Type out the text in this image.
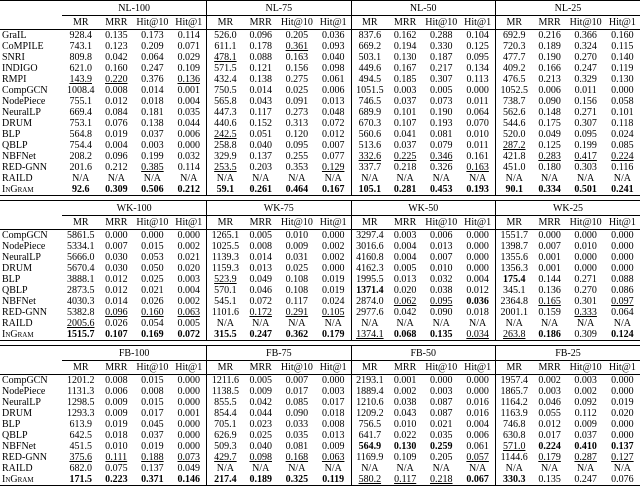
	NL-100				NL-75				NL-50				NL-25			
	MR	MRR	Hit@10	Hit@1	MR	MRR	Hit@10	Hit@1	MR	MRR	Hit@10	Hit@1	MR	MRR	Hit@10	Hit@1
GraIL	928.4	0.135	0.173	0.114	526.0	0.096	0.205	0.036	837.6	0.162	0.288	0.104	692.9	0.216	0.366	0.160
CoMPILE	743.1	0.123	0.209	0.071	611.1	0.178	0.361	0.093	669.2	0.194	0.330	0.125	720.3	0.189	0.324	0.115
SNRI	809.8	0.042	0.064	0.029	478.1	0.088	0.163	0.040	503.1	0.130	0.187	0.095	477.7	0.190	0.270	0.140
INDIGO	621.0	0.160	0.247	0.109	571.5	0.121	0.156	0.098	449.6	0.167	0.217	0.134	409.2	0.166	0.247	0.119
RMPI	143.9	0.220	0.376	0.136	432.4	0.138	0.275	0.061	494.5	0.185	0.307	0.113	476.5	0.213	0.329	0.130
CompGCN	1008.4	0.008	0.014	0.001	750.5	0.014	0.025	0.006	1051.5	0.003	0.005	0.000	1052.5	0.006	0.011	0.000
NodePiece	755.1	0.012	0.018	0.004	565.8	0.043	0.091	0.013	746.5	0.037	0.073	0.011	738.7	0.090	0.156	0.058
NeuralLP	669.4	0.084	0.181	0.035	447.3	0.117	0.273	0.048	689.9	0.101	0.190	0.064	562.6	0.148	0.271	0.101
DRUM	753.1	0.076	0.138	0.044	440.6	0.152	0.313	0.072	670.3	0.107	0.193	0.070	544.6	0.175	0.307	0.118
BLP	564.8	0.019	0.037	0.006	242.5	0.051	0.120	0.012	560.6	0.041	0.081	0.010	520.0	0.049	0.095	0.024
QBLP	754.4	0.004	0.003	0.000	258.8	0.040	0.095	0.007	513.6	0.037	0.079	0.011	287.2	0.125	0.199	0.085
NBFNet	208.2	0.096	0.199	0.032	329.9	0.137	0.255	0.077	332.6	0.225	0.346	0.161	421.8	0.283	0.417	0.224
RED-GNN	201.6	0.212	0.385	0.114	253.5	0.203	0.353	0.129	337.7	0.218	0.326	0.163	451.0	0.180	0.303	0.116
RAILD	N/A	N/A	N/A	N/A	N/A	N/A	N/A	N/A	N/A	N/A	N/A	N/A	N/A	N/A	N/A	N/A
InGram	92.6	0.309	0.506	0.212	59.1	0.261	0.464	0.167	105.1	0.281	0.453	0.193	90.1	0.334	0.501	0.241

	WK-100				WK-75				WK-50				WK-25			
	MR	MRR	Hit@10	Hit@1	MR	MRR	Hit@10	Hit@1	MR	MRR	Hit@10	Hit@1	MR	MRR	Hit@10	Hit@1
CompGCN	5861.5	0.000	0.000	0.000	1265.1	0.005	0.010	0.000	3297.4	0.003	0.006	0.000	1551.7	0.000	0.000	0.000
NodePiece	5334.1	0.007	0.015	0.002	1025.5	0.008	0.009	0.002	3016.6	0.004	0.013	0.000	1398.7	0.007	0.010	0.000
NeuralLP	5666.0	0.030	0.053	0.021	1139.3	0.014	0.031	0.002	4160.8	0.004	0.007	0.000	1355.6	0.001	0.000	0.000
DRUM	5670.4	0.030	0.050	0.020	1159.3	0.013	0.025	0.000	4162.3	0.005	0.010	0.000	1356.3	0.001	0.000	0.000
BLP	3888.1	0.012	0.025	0.003	523.9	0.049	0.108	0.019	1995.5	0.013	0.032	0.004	175.4	0.144	0.271	0.088
QBLP	2873.5	0.012	0.021	0.004	570.1	0.046	0.108	0.019	1371.4	0.020	0.038	0.012	345.1	0.136	0.270	0.086
NBFNet	4030.3	0.014	0.026	0.002	545.1	0.072	0.117	0.024	2874.0	0.062	0.095	0.036	2364.8	0.165	0.301	0.097
RED-GNN	5382.8	0.096	0.160	0.063	1101.6	0.172	0.291	0.105	2977.6	0.042	0.090	0.018	2001.1	0.159	0.333	0.064
RAILD	2005.6	0.026	0.054	0.005	N/A	N/A	N/A	N/A	N/A	N/A	N/A	N/A	N/A	N/A	N/A	N/A
InGram	1515.7	0.107	0.169	0.072	315.5	0.247	0.362	0.179	1374.1	0.068	0.135	0.034	263.8	0.186	0.309	0.124

	FB-100				FB-75				FB-50				FB-25			
	MR	MRR	Hit@10	Hit@1	MR	MRR	Hit@10	Hit@1	MR	MRR	Hit@10	Hit@1	MR	MRR	Hit@10	Hit@1
CompGCN	1201.2	0.008	0.015	0.000	1211.6	0.005	0.007	0.000	2193.1	0.001	0.000	0.000	1957.4	0.002	0.003	0.000
NodePiece	1131.3	0.006	0.008	0.000	1138.5	0.009	0.017	0.003	1889.4	0.002	0.003	0.000	1865.7	0.003	0.002	0.000
NeuralLP	1298.5	0.009	0.015	0.000	855.5	0.042	0.085	0.017	1210.6	0.038	0.087	0.016	1164.2	0.046	0.092	0.019
DRUM	1293.3	0.009	0.017	0.001	854.4	0.044	0.090	0.018	1209.2	0.043	0.087	0.016	1163.9	0.055	0.112	0.020
BLP	613.9	0.019	0.045	0.000	705.1	0.023	0.033	0.008	756.5	0.010	0.021	0.004	746.8	0.012	0.009	0.000
QBLP	642.5	0.018	0.037	0.000	626.9	0.025	0.035	0.013	641.7	0.022	0.035	0.006	630.8	0.017	0.037	0.000
NBFNet	451.5	0.010	0.019	0.000	509.3	0.040	0.081	0.009	564.9	0.130	0.259	0.061	571.0	0.224	0.410	0.137
RED-GNN	375.6	0.111	0.188	0.073	429.7	0.098	0.168	0.063	1169.9	0.109	0.205	0.057	1144.6	0.179	0.287	0.127
RAILD	682.0	0.075	0.137	0.049	N/A	N/A	N/A	N/A	N/A	N/A	N/A	N/A	N/A	N/A	N/A	N/A
InGram	171.5	0.223	0.371	0.146	217.4	0.189	0.325	0.119	580.2	0.117	0.218	0.067	330.3	0.135	0.247	0.076
